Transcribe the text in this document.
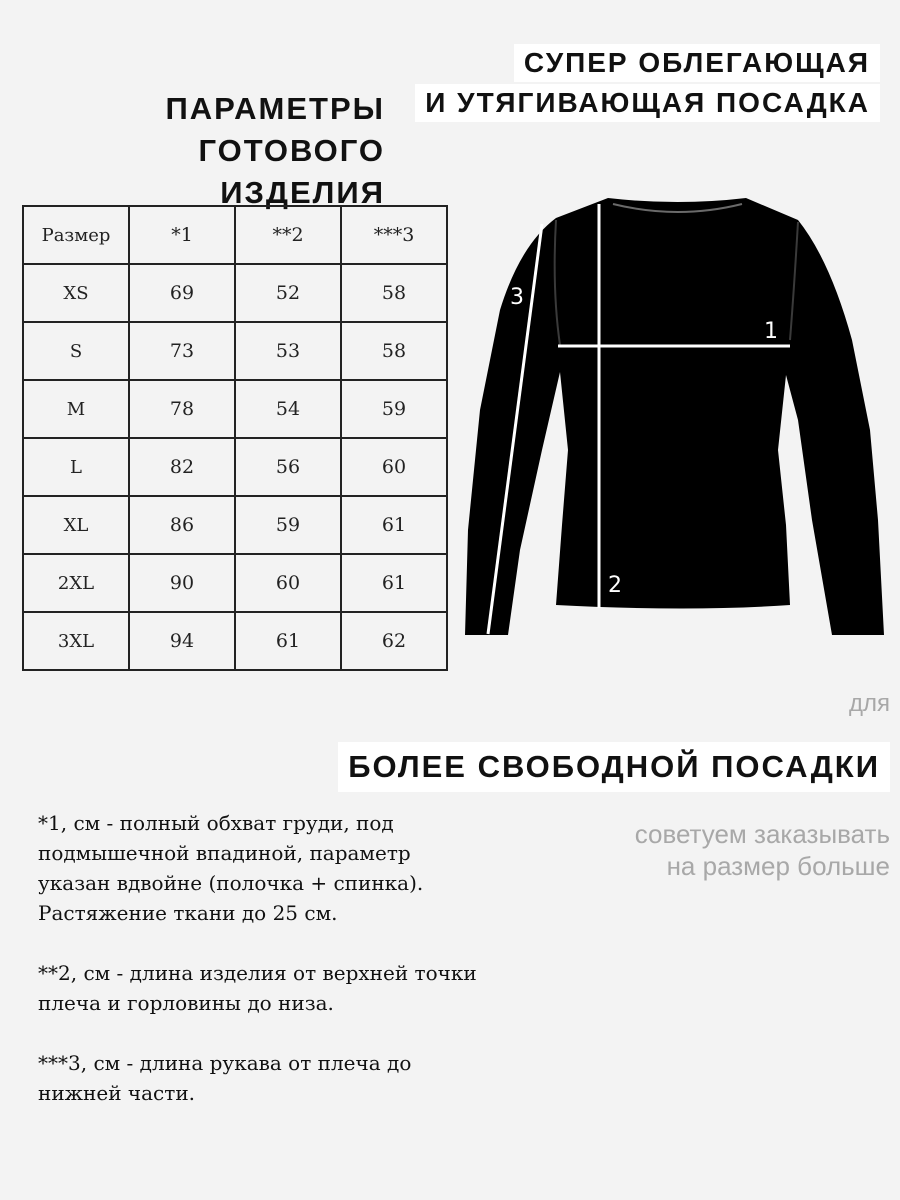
СУПЕР ОБЛЕГАЮЩАЯ
И УТЯГИВАЮЩАЯ ПОСАДКА
ПАРАМЕТРЫ
ГОТОВОГО ИЗДЕЛИЯ
Размер	*1	**2	***3
XS	69	52	58
S	73	53	58
M	78	54	59
L	82	56	60
XL	86	59	61
2XL	90	60	61
3XL	94	61	62
1
2
3
для
БОЛЕЕ СВОБОДНОЙ ПОСАДКИ
советуем заказывать
на размер больше

*1, см - полный обхват груди, под подмышечной впадиной, параметр указан вдвойне (полочка + спинка). Растяжение ткани до 25 см.

**2, см - длина изделия от верхней точки плеча и горловины до низа.

***3, см - длина рукава от плеча до нижней части.
